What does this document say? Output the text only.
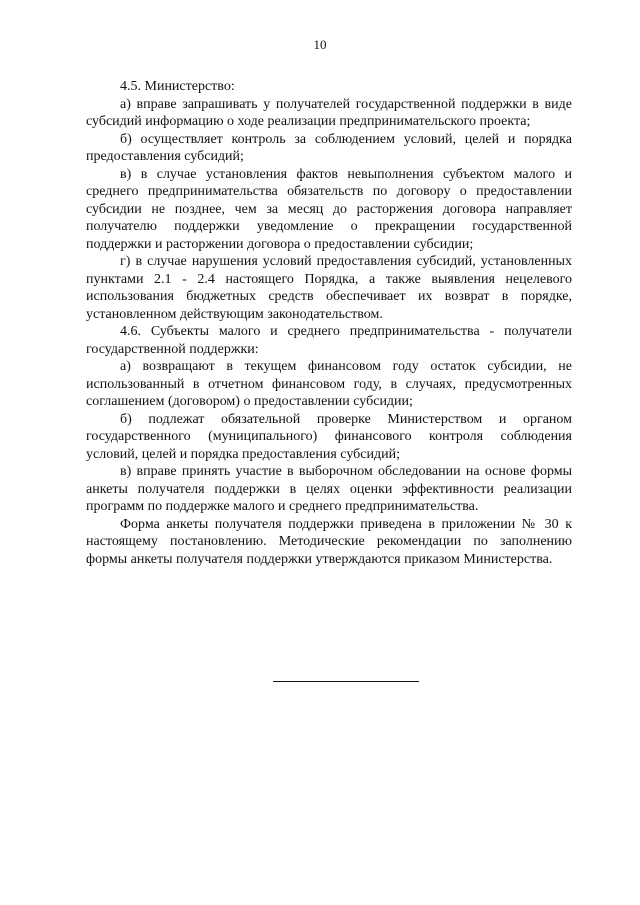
10

4.5. Министерство:

а) вправе запрашивать у получателей государственной поддержки в виде субсидий информацию о ходе реализации предпринимательского проекта;

б) осуществляет контроль за соблюдением условий, целей и порядка предоставления субсидий;

в) в случае установления фактов невыполнения субъектом малого и среднего предпринимательства обязательств по договору о предоставлении субсидии не позднее, чем за месяц до расторжения договора направляет получателю поддержки уведомление о прекращении государственной поддержки и расторжении договора о предоставлении субсидии;

г) в случае нарушения условий предоставления субсидий, установленных пунктами 2.1 - 2.4 настоящего Порядка, а также выявления нецелевого использования бюджетных средств обеспечивает их возврат в порядке, установленном действующим законодательством.

4.6. Субъекты малого и среднего предпринимательства - получатели государственной поддержки:

а) возвращают в текущем финансовом году остаток субсидии, не использованный в отчетном финансовом году, в случаях, предусмотренных соглашением (договором) о предоставлении субсидии;

б) подлежат обязательной проверке Министерством и органом государственного (муниципального) финансового контроля соблюдения условий, целей и порядка предоставления субсидий;

в) вправе принять участие в выборочном обследовании на основе формы анкеты получателя поддержки в целях оценки эффективности реализации программ по поддержке малого и среднего предпринимательства.

Форма анкеты получателя поддержки приведена в приложении № 30 к настоящему постановлению. Методические рекомендации по заполнению формы анкеты получателя поддержки утверждаются приказом Министерства.
